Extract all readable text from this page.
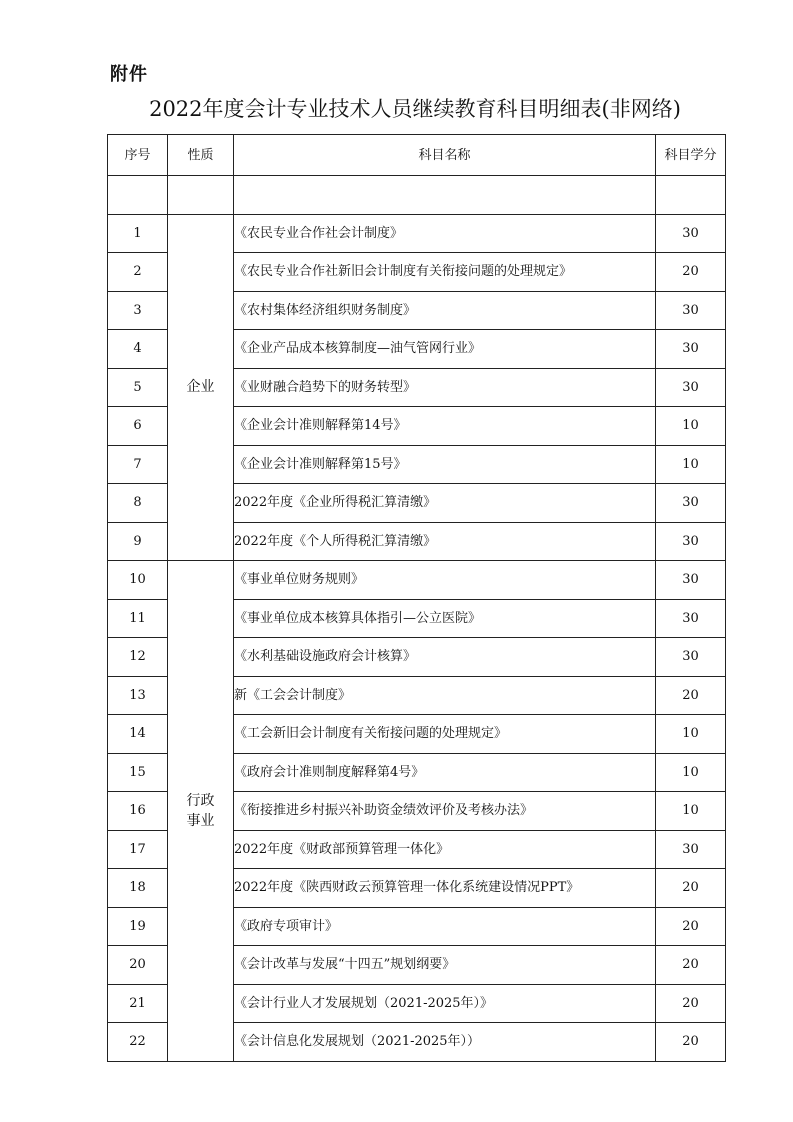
附件
2022年度会计专业技术人员继续教育科目明细表(非网络)
序号	性质	科目名称	科目学分

1	企业	《农民专业合作社会计制度》	30
2		《农民专业合作社新旧会计制度有关衔接问题的处理规定》	20
3		《农村集体经济组织财务制度》	30
4		《企业产品成本核算制度—油气管网行业》	30
5		《业财融合趋势下的财务转型》	30
6		《企业会计准则解释第14号》	10
7		《企业会计准则解释第15号》	10
8		2022年度《企业所得税汇算清缴》	30
9		2022年度《个人所得税汇算清缴》	30
10	行政事业	《事业单位财务规则》	30
11		《事业单位成本核算具体指引—公立医院》	30
12		《水利基础设施政府会计核算》	30
13		新《工会会计制度》	20
14		《工会新旧会计制度有关衔接问题的处理规定》	10
15		《政府会计准则制度解释第4号》	10
16		《衔接推进乡村振兴补助资金绩效评价及考核办法》	10
17		2022年度《财政部预算管理一体化》	30
18		2022年度《陕西财政云预算管理一体化系统建设情况PPT》	20
19		《政府专项审计》	20
20		《会计改革与发展“十四五”规划纲要》	20
21		《会计行业人才发展规划（2021-2025年）》	20
22		《会计信息化发展规划（2021-2025年））	20
